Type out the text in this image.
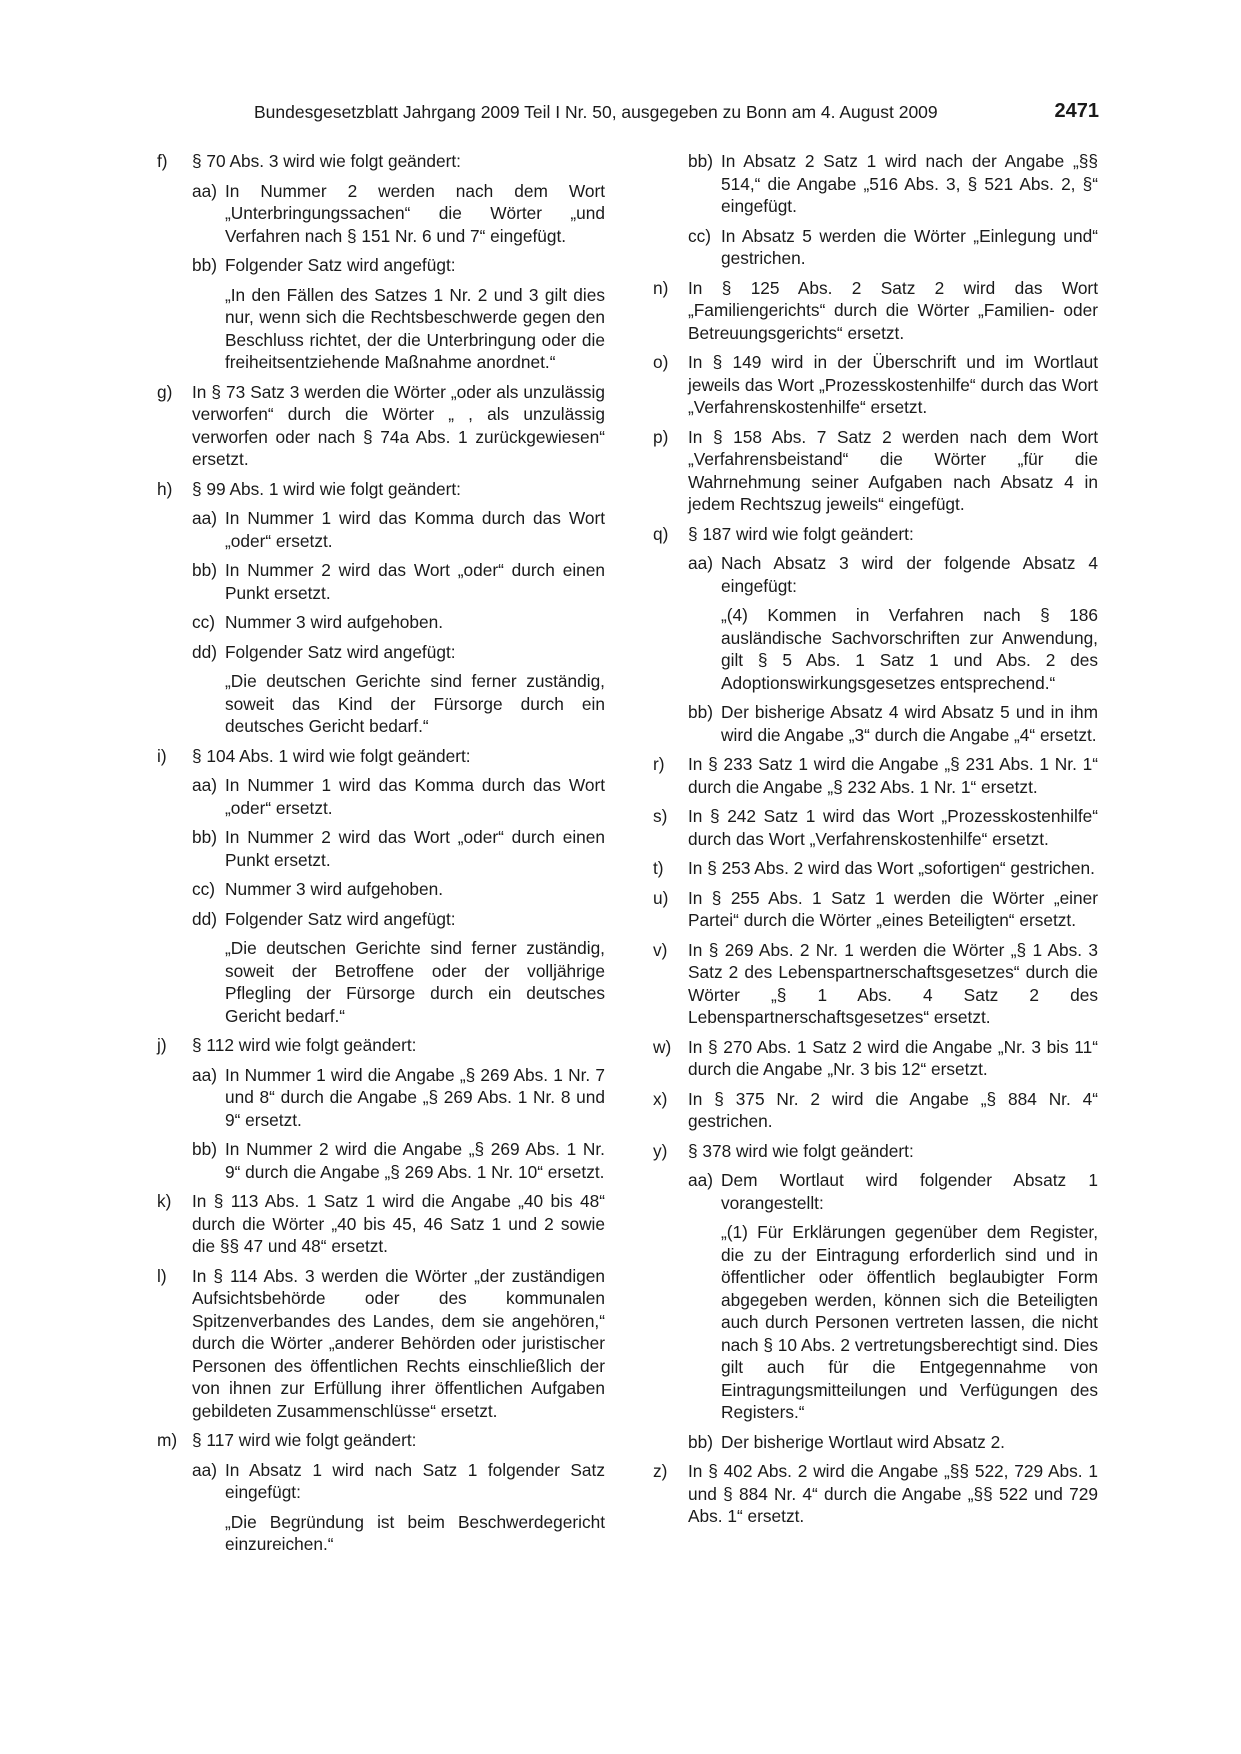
Bundesgesetzblatt Jahrgang 2009 Teil I Nr. 50, ausgegeben zu Bonn am 4. August 2009	2471
f) § 70 Abs. 3 wird wie folgt geändert:
aa) In Nummer 2 werden nach dem Wort „Unterbringungssachen“ die Wörter „und Verfahren nach § 151 Nr. 6 und 7“ eingefügt.
bb) Folgender Satz wird angefügt:
„In den Fällen des Satzes 1 Nr. 2 und 3 gilt dies nur, wenn sich die Rechtsbeschwerde gegen den Beschluss richtet, der die Unterbringung oder die freiheitsentziehende Maßnahme anordnet.“
g) In § 73 Satz 3 werden die Wörter „oder als unzulässig verworfen“ durch die Wörter „ , als unzulässig verworfen oder nach § 74a Abs. 1 zurückgewiesen“ ersetzt.
h) § 99 Abs. 1 wird wie folgt geändert:
aa) In Nummer 1 wird das Komma durch das Wort „oder“ ersetzt.
bb) In Nummer 2 wird das Wort „oder“ durch einen Punkt ersetzt.
cc) Nummer 3 wird aufgehoben.
dd) Folgender Satz wird angefügt:
„Die deutschen Gerichte sind ferner zuständig, soweit das Kind der Fürsorge durch ein deutsches Gericht bedarf.“
i) § 104 Abs. 1 wird wie folgt geändert:
aa) In Nummer 1 wird das Komma durch das Wort „oder“ ersetzt.
bb) In Nummer 2 wird das Wort „oder“ durch einen Punkt ersetzt.
cc) Nummer 3 wird aufgehoben.
dd) Folgender Satz wird angefügt:
„Die deutschen Gerichte sind ferner zuständig, soweit der Betroffene oder der volljährige Pflegling der Fürsorge durch ein deutsches Gericht bedarf.“
j) § 112 wird wie folgt geändert:
aa) In Nummer 1 wird die Angabe „§ 269 Abs. 1 Nr. 7 und 8“ durch die Angabe „§ 269 Abs. 1 Nr. 8 und 9“ ersetzt.
bb) In Nummer 2 wird die Angabe „§ 269 Abs. 1 Nr. 9“ durch die Angabe „§ 269 Abs. 1 Nr. 10“ ersetzt.
k) In § 113 Abs. 1 Satz 1 wird die Angabe „40 bis 48“ durch die Wörter „40 bis 45, 46 Satz 1 und 2 sowie die §§ 47 und 48“ ersetzt.
l) In § 114 Abs. 3 werden die Wörter „der zuständigen Aufsichtsbehörde oder des kommunalen Spitzenverbandes des Landes, dem sie angehören,“ durch die Wörter „anderer Behörden oder juristischer Personen des öffentlichen Rechts einschließlich der von ihnen zur Erfüllung ihrer öffentlichen Aufgaben gebildeten Zusammenschlüsse“ ersetzt.
m) § 117 wird wie folgt geändert:
aa) In Absatz 1 wird nach Satz 1 folgender Satz eingefügt:
„Die Begründung ist beim Beschwerdegericht einzureichen.“
bb) In Absatz 2 Satz 1 wird nach der Angabe „§§ 514,“ die Angabe „516 Abs. 3, § 521 Abs. 2, §“ eingefügt.
cc) In Absatz 5 werden die Wörter „Einlegung und“ gestrichen.
n) In § 125 Abs. 2 Satz 2 wird das Wort „Familiengerichts“ durch die Wörter „Familien- oder Betreuungsgerichts“ ersetzt.
o) In § 149 wird in der Überschrift und im Wortlaut jeweils das Wort „Prozesskostenhilfe“ durch das Wort „Verfahrenskostenhilfe“ ersetzt.
p) In § 158 Abs. 7 Satz 2 werden nach dem Wort „Verfahrensbeistand“ die Wörter „für die Wahrnehmung seiner Aufgaben nach Absatz 4 in jedem Rechtszug jeweils“ eingefügt.
q) § 187 wird wie folgt geändert:
aa) Nach Absatz 3 wird der folgende Absatz 4 eingefügt:
„(4) Kommen in Verfahren nach § 186 ausländische Sachvorschriften zur Anwendung, gilt § 5 Abs. 1 Satz 1 und Abs. 2 des Adoptionswirkungsgesetzes entsprechend.“
bb) Der bisherige Absatz 4 wird Absatz 5 und in ihm wird die Angabe „3“ durch die Angabe „4“ ersetzt.
r) In § 233 Satz 1 wird die Angabe „§ 231 Abs. 1 Nr. 1“ durch die Angabe „§ 232 Abs. 1 Nr. 1“ ersetzt.
s) In § 242 Satz 1 wird das Wort „Prozesskostenhilfe“ durch das Wort „Verfahrenskostenhilfe“ ersetzt.
t) In § 253 Abs. 2 wird das Wort „sofortigen“ gestrichen.
u) In § 255 Abs. 1 Satz 1 werden die Wörter „einer Partei“ durch die Wörter „eines Beteiligten“ ersetzt.
v) In § 269 Abs. 2 Nr. 1 werden die Wörter „§ 1 Abs. 3 Satz 2 des Lebenspartnerschaftsgesetzes“ durch die Wörter „§ 1 Abs. 4 Satz 2 des Lebenspartnerschaftsgesetzes“ ersetzt.
w) In § 270 Abs. 1 Satz 2 wird die Angabe „Nr. 3 bis 11“ durch die Angabe „Nr. 3 bis 12“ ersetzt.
x) In § 375 Nr. 2 wird die Angabe „§ 884 Nr. 4“ gestrichen.
y) § 378 wird wie folgt geändert:
aa) Dem Wortlaut wird folgender Absatz 1 vorangestellt:
„(1) Für Erklärungen gegenüber dem Register, die zu der Eintragung erforderlich sind und in öffentlicher oder öffentlich beglaubigter Form abgegeben werden, können sich die Beteiligten auch durch Personen vertreten lassen, die nicht nach § 10 Abs. 2 vertretungsberechtigt sind. Dies gilt auch für die Entgegennahme von Eintragungsmitteilungen und Verfügungen des Registers.“
bb) Der bisherige Wortlaut wird Absatz 2.
z) In § 402 Abs. 2 wird die Angabe „§§ 522, 729 Abs. 1 und § 884 Nr. 4“ durch die Angabe „§§ 522 und 729 Abs. 1“ ersetzt.
